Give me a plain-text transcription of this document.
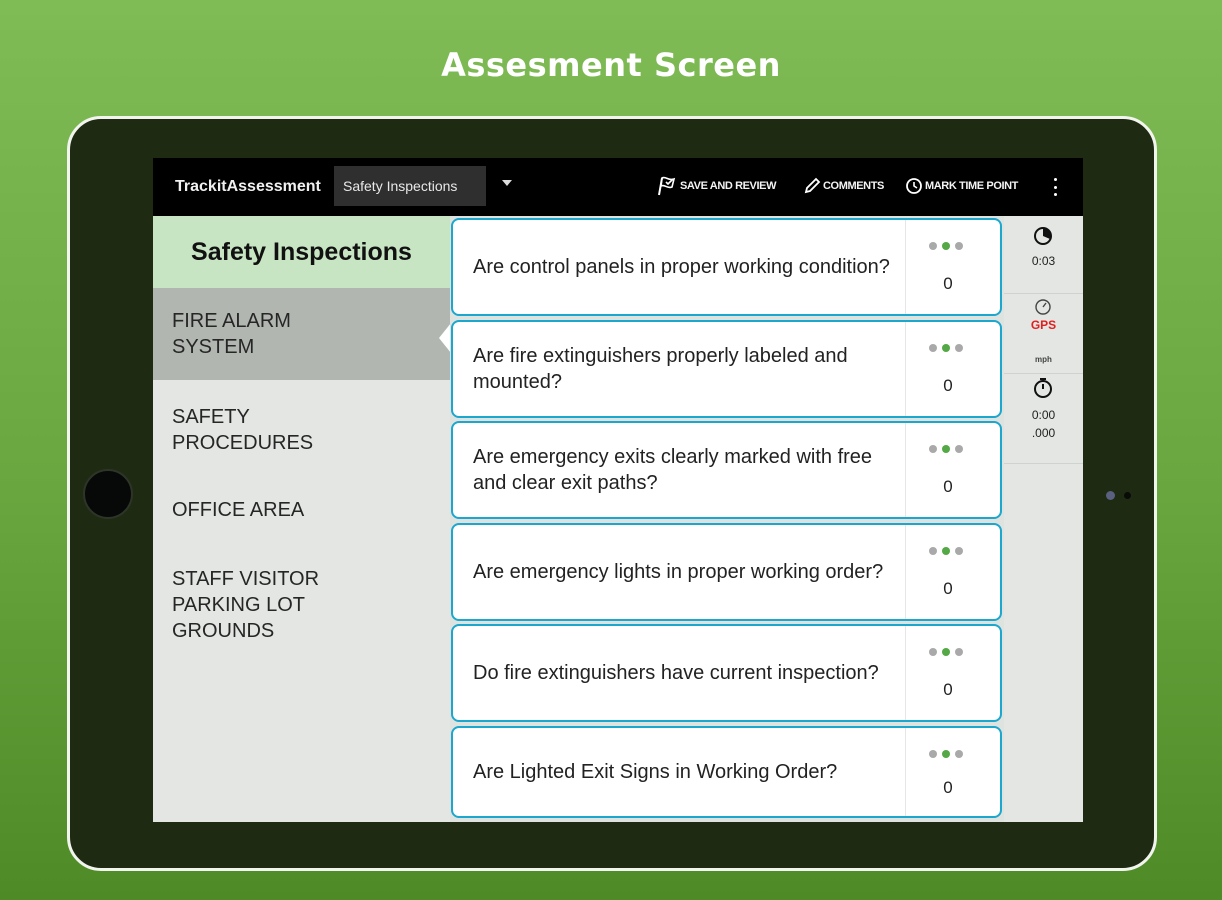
Assesment Screen
TrackitAssessment	Safety Inspections	SAVE AND REVIEW	COMMENTS	MARK TIME POINT
Safety Inspections
FIRE ALARM
SYSTEM
SAFETY
PROCEDURES
OFFICE AREA
STAFF VISITOR
PARKING LOT
GROUNDS
Are control panels in proper working condition?
0
Are fire extinguishers properly labeled and mounted?	0
Are emergency exits clearly marked with free and clear exit paths?	0
Are emergency lights in proper working order?
0
Do fire extinguishers have current inspection?
0
Are Lighted Exit Signs in Working Order?
0
0:03
GPS
mph
0:00
.000
